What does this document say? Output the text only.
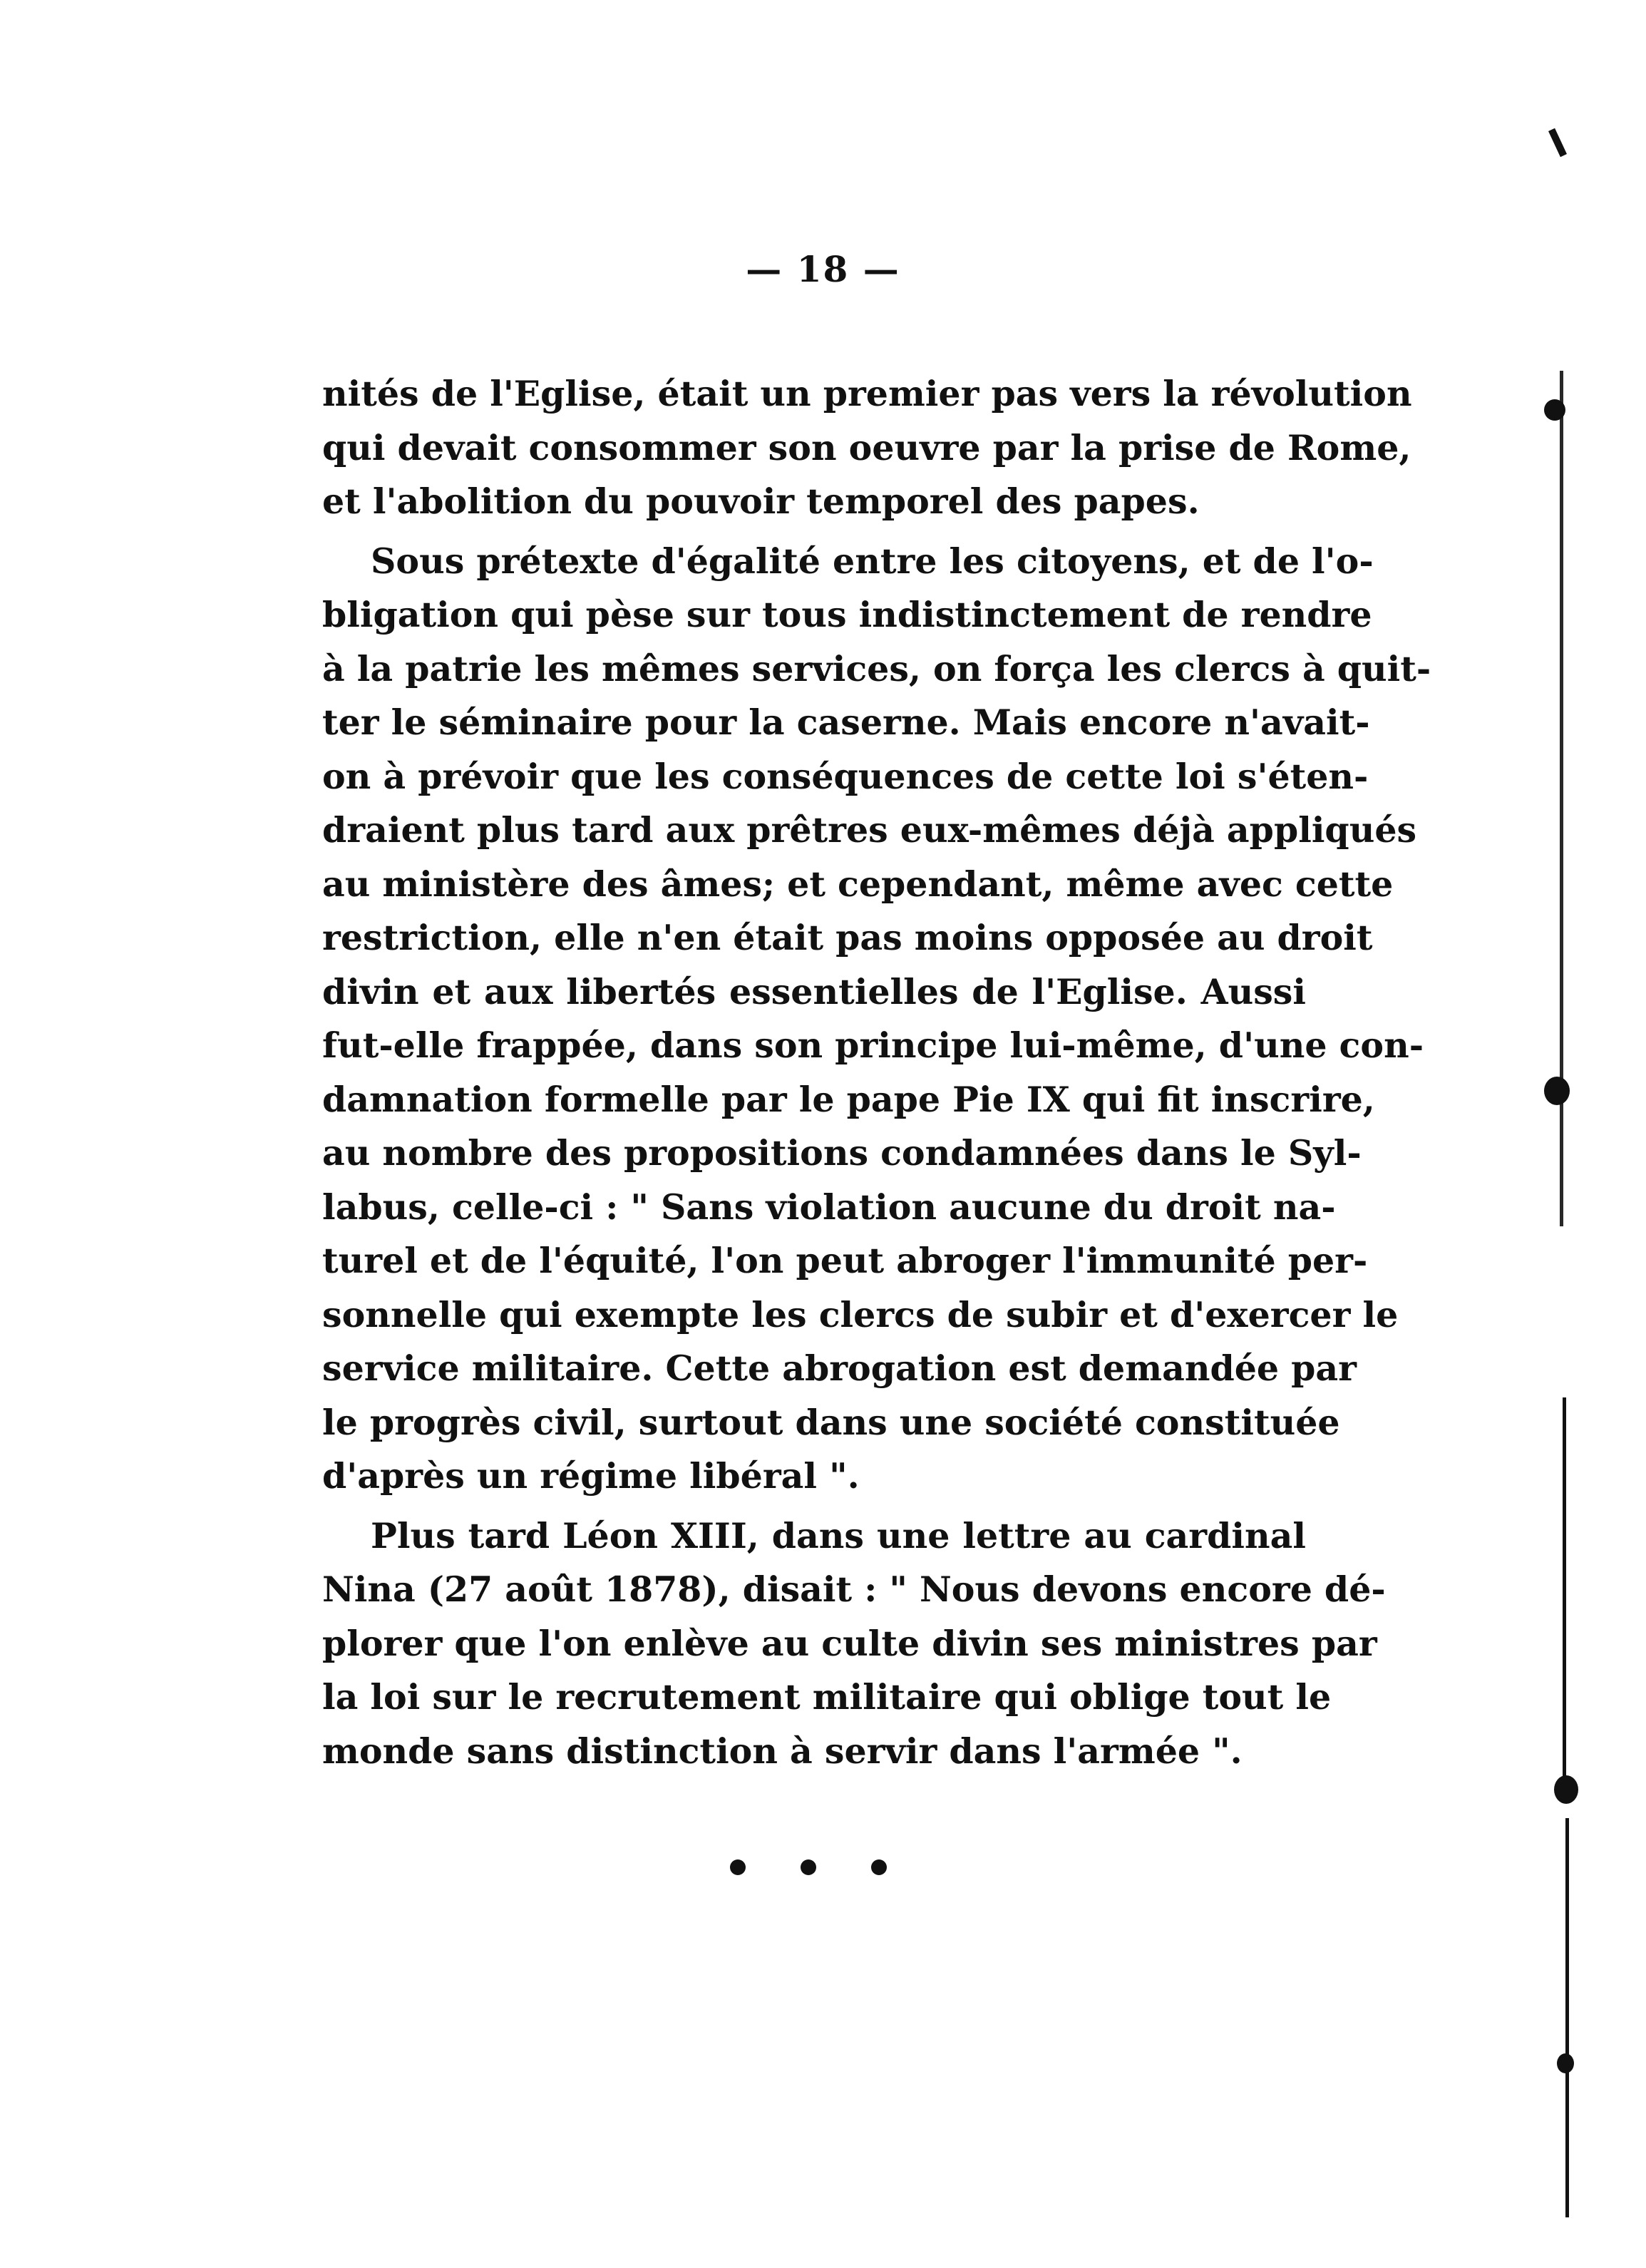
— 18 —
nités de l'Eglise, était un premier pas vers la révolution
qui devait consommer son oeuvre par la prise de Rome,
et l'abolition du pouvoir temporel des papes.
Sous prétexte d'égalité entre les citoyens, et de l'o-
bligation qui pèse sur tous indistinctement de rendre
à la patrie les mêmes services, on força les clercs à quit-
ter le séminaire pour la caserne. Mais encore n'avait-
on à prévoir que les conséquences de cette loi s'éten-
draient plus tard aux prêtres eux-mêmes déjà appliqués
au ministère des âmes; et cependant, même avec cette
restriction, elle n'en était pas moins opposée au droit
divin et aux libertés essentielles de l'Eglise. Aussi
fut-elle frappée, dans son principe lui-même, d'une con-
damnation formelle par le pape Pie IX qui fit inscrire,
au nombre des propositions condamnées dans le Syl-
labus, celle-ci : " Sans violation aucune du droit na-
turel et de l'équité, l'on peut abroger l'immunité per-
sonnelle qui exempte les clercs de subir et d'exercer le
service militaire. Cette abrogation est demandée par
le progrès civil, surtout dans une société constituée
d'après un régime libéral ".
Plus tard Léon XIII, dans une lettre au cardinal
Nina (27 août 1878), disait : " Nous devons encore dé-
plorer que l'on enlève au culte divin ses ministres par
la loi sur le recrutement militaire qui oblige tout le
monde sans distinction à servir dans l'armée ".
